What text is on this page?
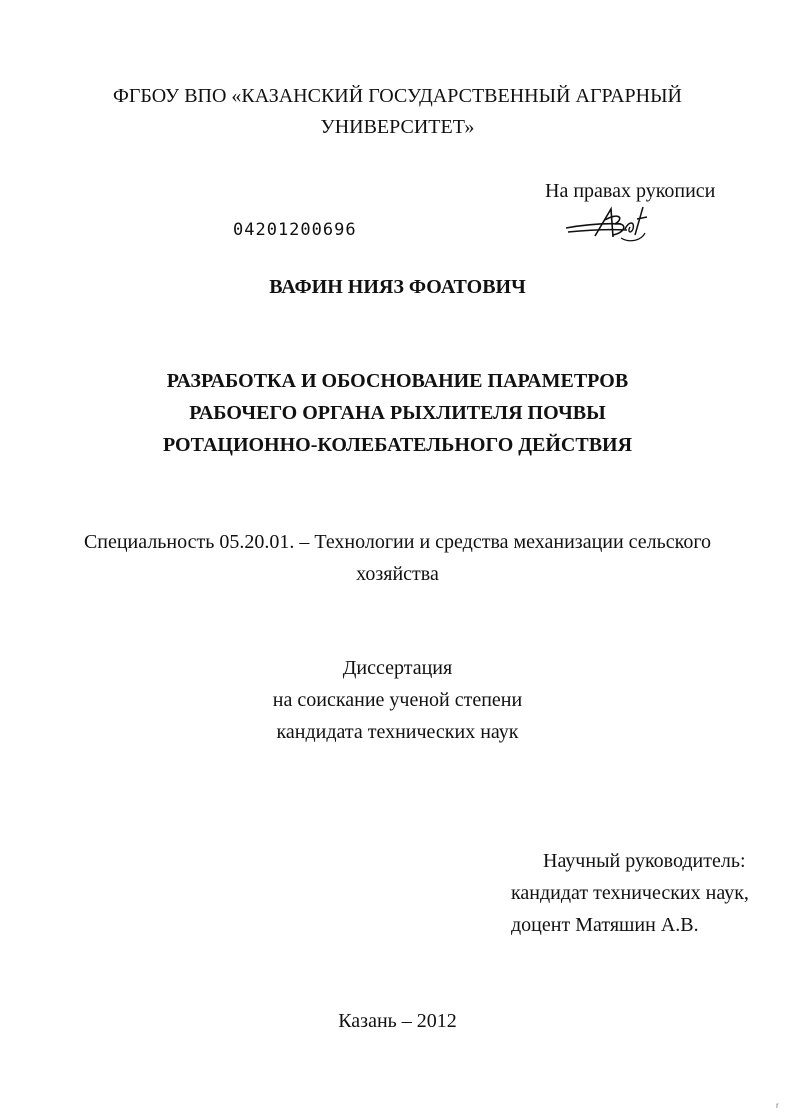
ФГБОУ ВПО «КАЗАНСКИЙ ГОСУДАРСТВЕННЫЙ АГРАРНЫЙ
УНИВЕРСИТЕТ»
На правах рукописи
04201200696
ВАФИН НИЯЗ ФОАТОВИЧ
РАЗРАБОТКА И ОБОСНОВАНИЕ ПАРАМЕТРОВ
РАБОЧЕГО ОРГАНА РЫХЛИТЕЛЯ ПОЧВЫ
РОТАЦИОННО-КОЛЕБАТЕЛЬНОГО ДЕЙСТВИЯ
Специальность 05.20.01. – Технологии и средства механизации сельского
хозяйства
Диссертация
на соискание ученой степени
кандидата технических наук
Научный руководитель:
кандидат технических наук,
доцент Матяшин А.В.
Казань – 2012
r
